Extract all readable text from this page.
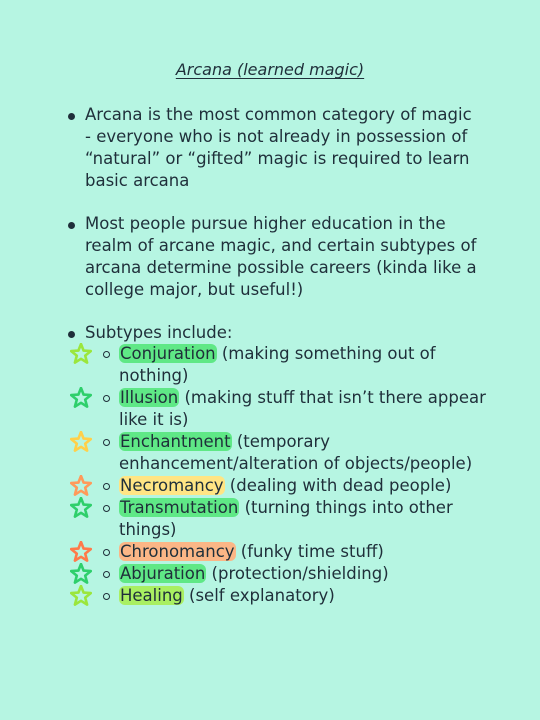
Arcana (learned magic)
Arcana is the most common category of magic - everyone who is not already in possession of “natural” or “gifted” magic is required to learn basic arcana
Most people pursue higher education in the realm of arcane magic, and certain subtypes of arcana determine possible careers (kinda like a college major, but useful!)
Subtypes include:
Conjuration (making something out of nothing)
Illusion (making stuff that isn’t there appear like it is)
Enchantment (temporary enhancement/alteration of objects/people)
Necromancy (dealing with dead people)
Transmutation (turning things into other things)
Chronomancy (funky time stuff)
Abjuration (protection/shielding)
Healing (self explanatory)
